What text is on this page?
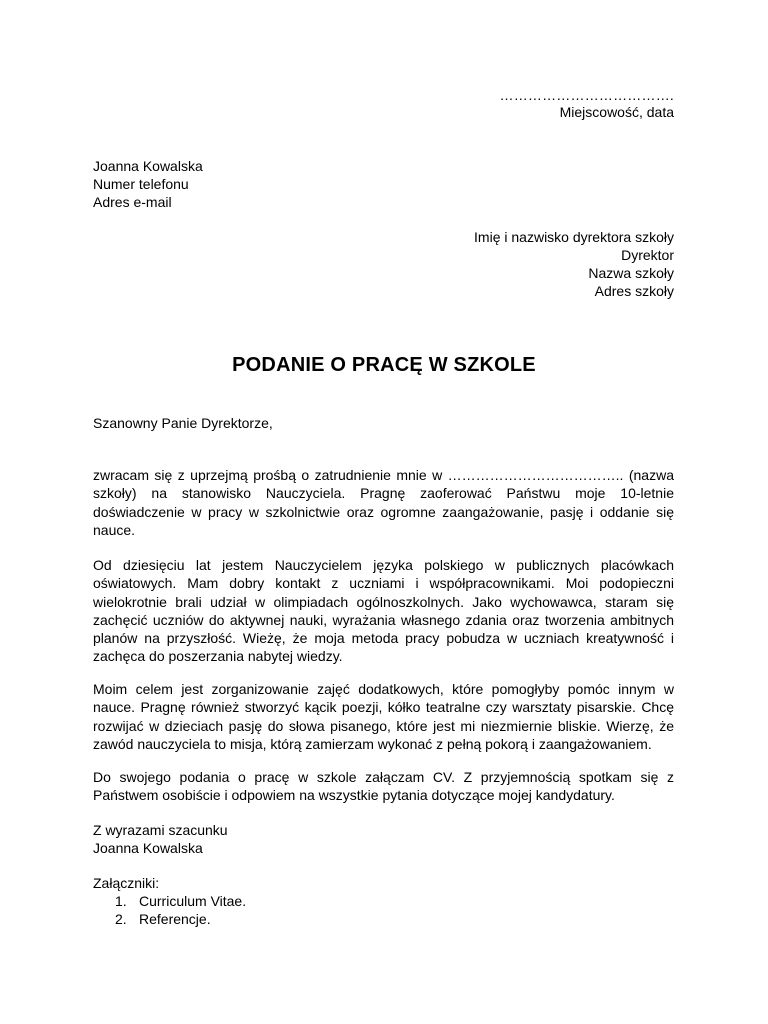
……………………………….
Miejscowość, data
Joanna Kowalska
Numer telefonu
Adres e-mail
Imię i nazwisko dyrektora szkoły
Dyrektor
Nazwa szkoły
Adres szkoły
PODANIE O PRACĘ W SZKOLE
Szanowny Panie Dyrektorze,

zwracam się z uprzejmą prośbą o zatrudnienie mnie w ……………………………….. (nazwa szkoły) na stanowisko Nauczyciela. Pragnę zaoferować Państwu moje 10-letnie doświadczenie w pracy w szkolnictwie oraz ogromne zaangażowanie, pasję i oddanie się nauce.

Od dziesięciu lat jestem Nauczycielem języka polskiego w publicznych placówkach oświatowych. Mam dobry kontakt z uczniami i współpracownikami. Moi podopieczni wielokrotnie brali udział w olimpiadach ogólnoszkolnych. Jako wychowawca, staram się zachęcić uczniów do aktywnej nauki, wyrażania własnego zdania oraz tworzenia ambitnych planów na przyszłość. Wieżę, że moja metoda pracy pobudza w uczniach kreatywność i zachęca do poszerzania nabytej wiedzy.

Moim celem jest zorganizowanie zajęć dodatkowych, które pomogłyby pomóc innym w nauce. Pragnę również stworzyć kącik poezji, kółko teatralne czy warsztaty pisarskie. Chcę rozwijać w dzieciach pasję do słowa pisanego, które jest mi niezmiernie bliskie. Wierzę, że zawód nauczyciela to misja, którą zamierzam wykonać z pełną pokorą i zaangażowaniem.

Do swojego podania o pracę w szkole załączam CV. Z przyjemnością spotkam się z Państwem osobiście i odpowiem na wszystkie pytania dotyczące mojej kandydatury.

Z wyrazami szacunku
Joanna Kowalska
Załączniki:
1. Curriculum Vitae.
2. Referencje.
